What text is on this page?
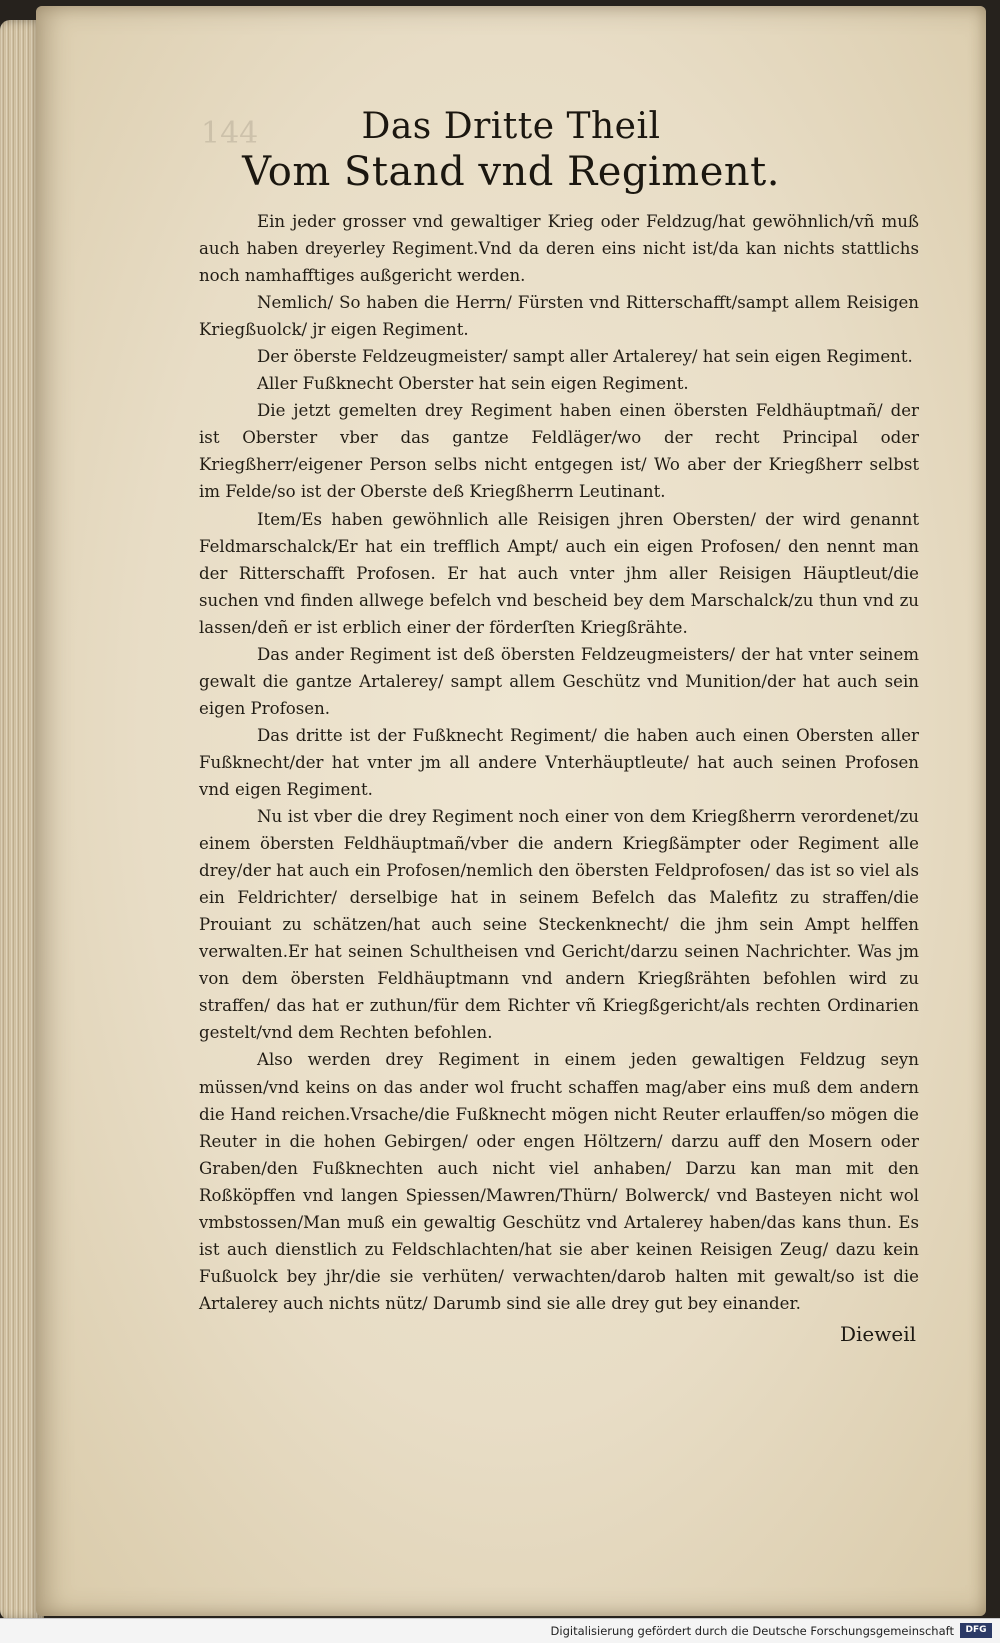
144	Das Dritte Theil
Vom Stand vnd Regiment.

Ein jeder grosser vnd gewaltiger Krieg oder Feldzug/hat gewöhnlich/vñ muß auch haben dreyerley Regiment.Vnd da deren eins nicht ist/da kan nichts stattlichs noch namhafftiges außgericht werden.

Nemlich/ So haben die Herrn/ Fürsten vnd Ritterschafft/sampt allem Reisigen Kriegßuolck/ jr eigen Regiment.

Der öberste Feldzeugmeister/ sampt aller Artalerey/ hat sein eigen Regiment.

Aller Fußknecht Oberster hat sein eigen Regiment.

Die jetzt gemelten drey Regiment haben einen öbersten Feldhäuptmañ/ der ist Oberster vber das gantze Feldläger/wo der recht Principal oder Kriegßherr/eigener Person selbs nicht entgegen ist/ Wo aber der Kriegßherr selbst im Felde/so ist der Oberste deß Kriegßherrn Leutinant.

Item/Es haben gewöhnlich alle Reisigen jhren Obersten/ der wird genannt Feldmarschalck/Er hat ein trefflich Ampt/ auch ein eigen Profosen/ den nennt man der Ritterschafft Profosen. Er hat auch vnter jhm aller Reisigen Häuptleut/die suchen vnd finden allwege befelch vnd bescheid bey dem Marschalck/zu thun vnd zu lassen/deñ er ist erblich einer der förderſten Kriegßrähte.

Das ander Regiment ist deß öbersten Feldzeugmeisters/ der hat vnter seinem gewalt die gantze Artalerey/ sampt allem Geschütz vnd Munition/der hat auch sein eigen Profosen.

Das dritte ist der Fußknecht Regiment/ die haben auch einen Obersten aller Fußknecht/der hat vnter jm all andere Vnterhäuptleute/ hat auch seinen Profosen vnd eigen Regiment.

Nu ist vber die drey Regiment noch einer von dem Kriegßherrn verordenet/zu einem öbersten Feldhäuptmañ/vber die andern Kriegßämpter oder Regiment alle drey/der hat auch ein Profosen/nemlich den öbersten Feldprofosen/ das ist so viel als ein Feldrichter/ derselbige hat in seinem Befelch das Malefitz zu straffen/die Prouiant zu schätzen/hat auch seine Steckenknecht/ die jhm sein Ampt helffen verwalten.Er hat seinen Schultheisen vnd Gericht/darzu seinen Nachrichter. Was jm von dem öbersten Feldhäuptmann vnd andern Kriegßrähten befohlen wird zu straffen/ das hat er zuthun/für dem Richter vñ Kriegßgericht/als rechten Ordinarien gestelt/vnd dem Rechten befohlen.

Also werden drey Regiment in einem jeden gewaltigen Feldzug seyn müssen/vnd keins on das ander wol frucht schaffen mag/aber eins muß dem andern die Hand reichen.Vrsache/die Fußknecht mögen nicht Reuter erlauffen/so mögen die Reuter in die hohen Gebirgen/ oder engen Höltzern/ darzu auff den Mosern oder Graben/den Fußknechten auch nicht viel anhaben/ Darzu kan man mit den Roßköpffen vnd langen Spiessen/Mawren/Thürn/ Bolwerck/ vnd Basteyen nicht wol vmbstossen/Man muß ein gewaltig Geschütz vnd Artalerey haben/das kans thun. Es ist auch dienstlich zu Feldschlachten/hat sie aber keinen Reisigen Zeug/ dazu kein Fußuolck bey jhr/die sie verhüten/ verwachten/darob halten mit gewalt/so ist die Artalerey auch nichts nütz/ Darumb sind sie alle drey gut bey einander.

Dieweil
Digitalisierung gefördert durch die Deutsche Forschungsgemeinschaft	DFG
